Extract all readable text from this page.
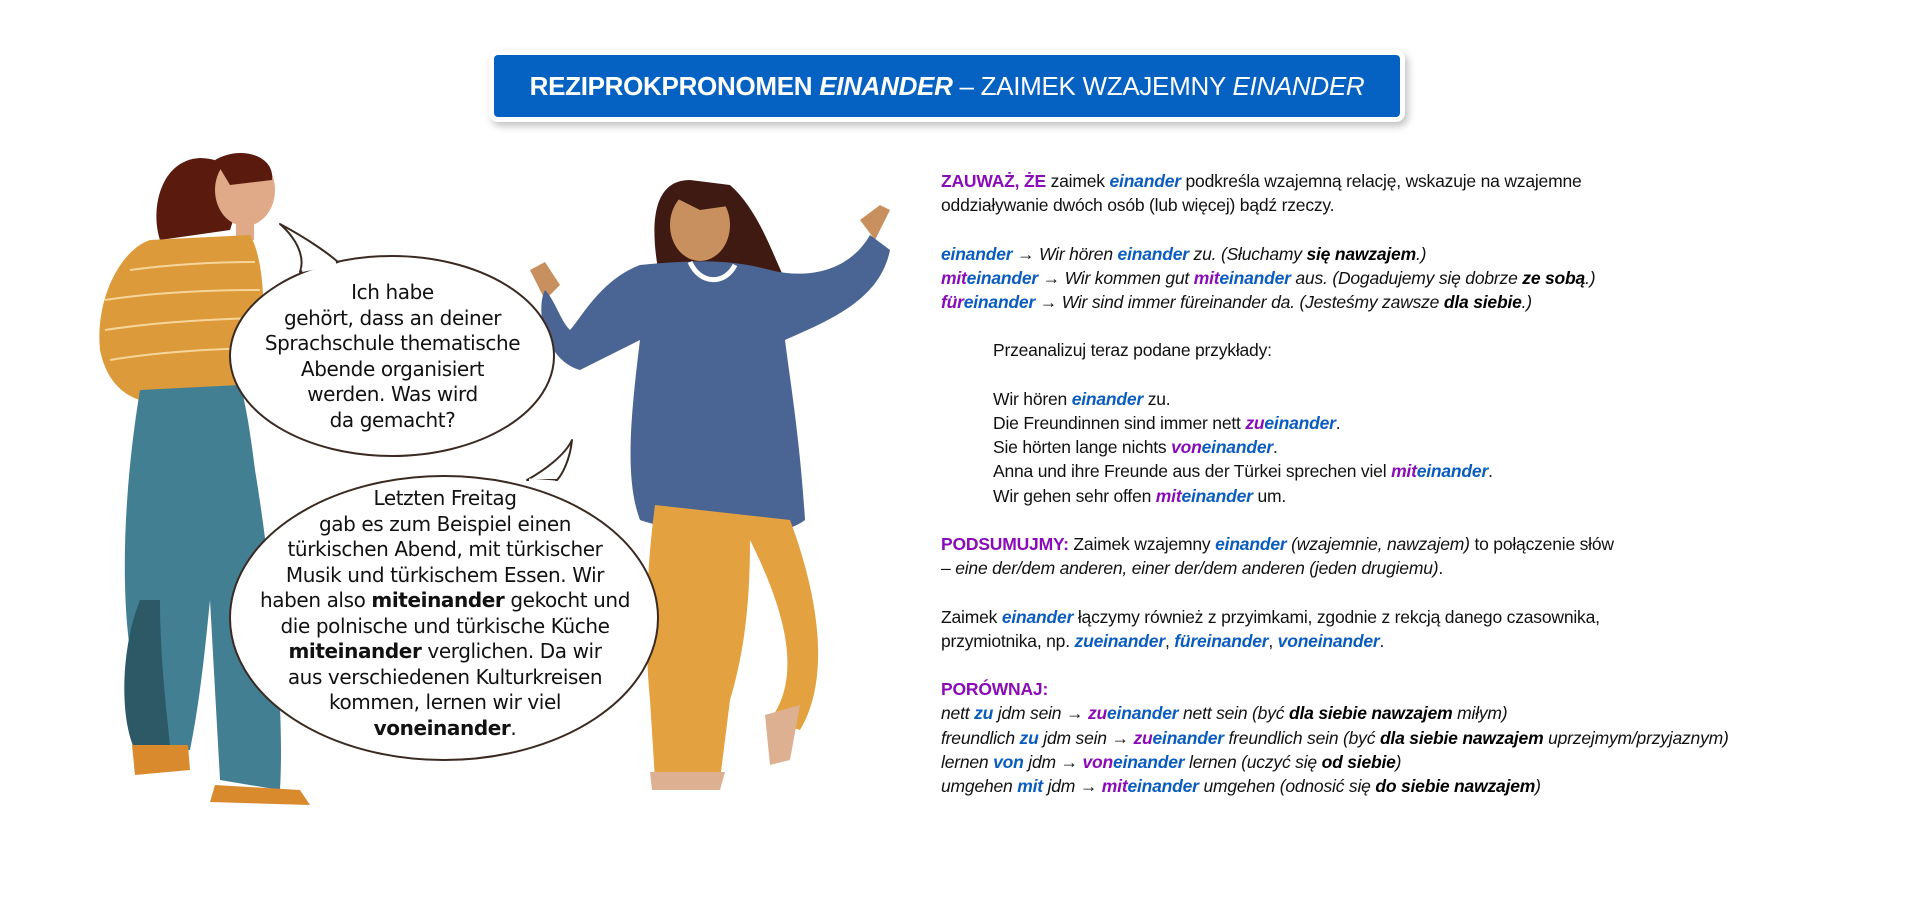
Ich habe
gehört, dass an deiner
Sprachschule thematische
Abende organisiert
werden. Was wird
da gemacht?
Letzten Freitag
gab es zum Beispiel einen
türkischen Abend, mit türkischer
Musik und türkischem Essen. Wir
haben also miteinander gekocht und
die polnische und türkische Küche
miteinander verglichen. Da wir
aus verschiedenen Kulturkreisen
kommen, lernen wir viel
voneinander.
REZIPROKPRONOMEN EINANDER – ZAIMEK WZAJEMNY EINANDER
ZAUWAŻ, ŻE zaimek einander podkreśla wzajemną relację, wskazuje na wzajemne
oddziaływanie dwóch osób (lub więcej) bądź rzeczy.
einander → Wir hören einander zu. (Słuchamy się nawzajem.)
miteinander → Wir kommen gut miteinander aus. (Dogadujemy się dobrze ze sobą.)
füreinander → Wir sind immer füreinander da. (Jesteśmy zawsze dla siebie.)
Przeanalizuj teraz podane przykłady:
Wir hören einander zu.
Die Freundinnen sind immer nett zueinander.
Sie hörten lange nichts voneinander.
Anna und ihre Freunde aus der Türkei sprechen viel miteinander.
Wir gehen sehr offen miteinander um.
PODSUMUJMY: Zaimek wzajemny einander (wzajemnie, nawzajem) to połączenie słów
– eine der/dem anderen, einer der/dem anderen (jeden drugiemu).
Zaimek einander łączymy również z przyimkami, zgodnie z rekcją danego czasownika,
przymiotnika, np. zueinander, füreinander, voneinander.
PORÓWNAJ:
nett zu jdm sein → zueinander nett sein (być dla siebie nawzajem miłym)
freundlich zu jdm sein → zueinander freundlich sein (być dla siebie nawzajem uprzejmym/przyjaznym)
lernen von jdm → voneinander lernen (uczyć się od siebie)
umgehen mit jdm → miteinander umgehen (odnosić się do siebie nawzajem)
